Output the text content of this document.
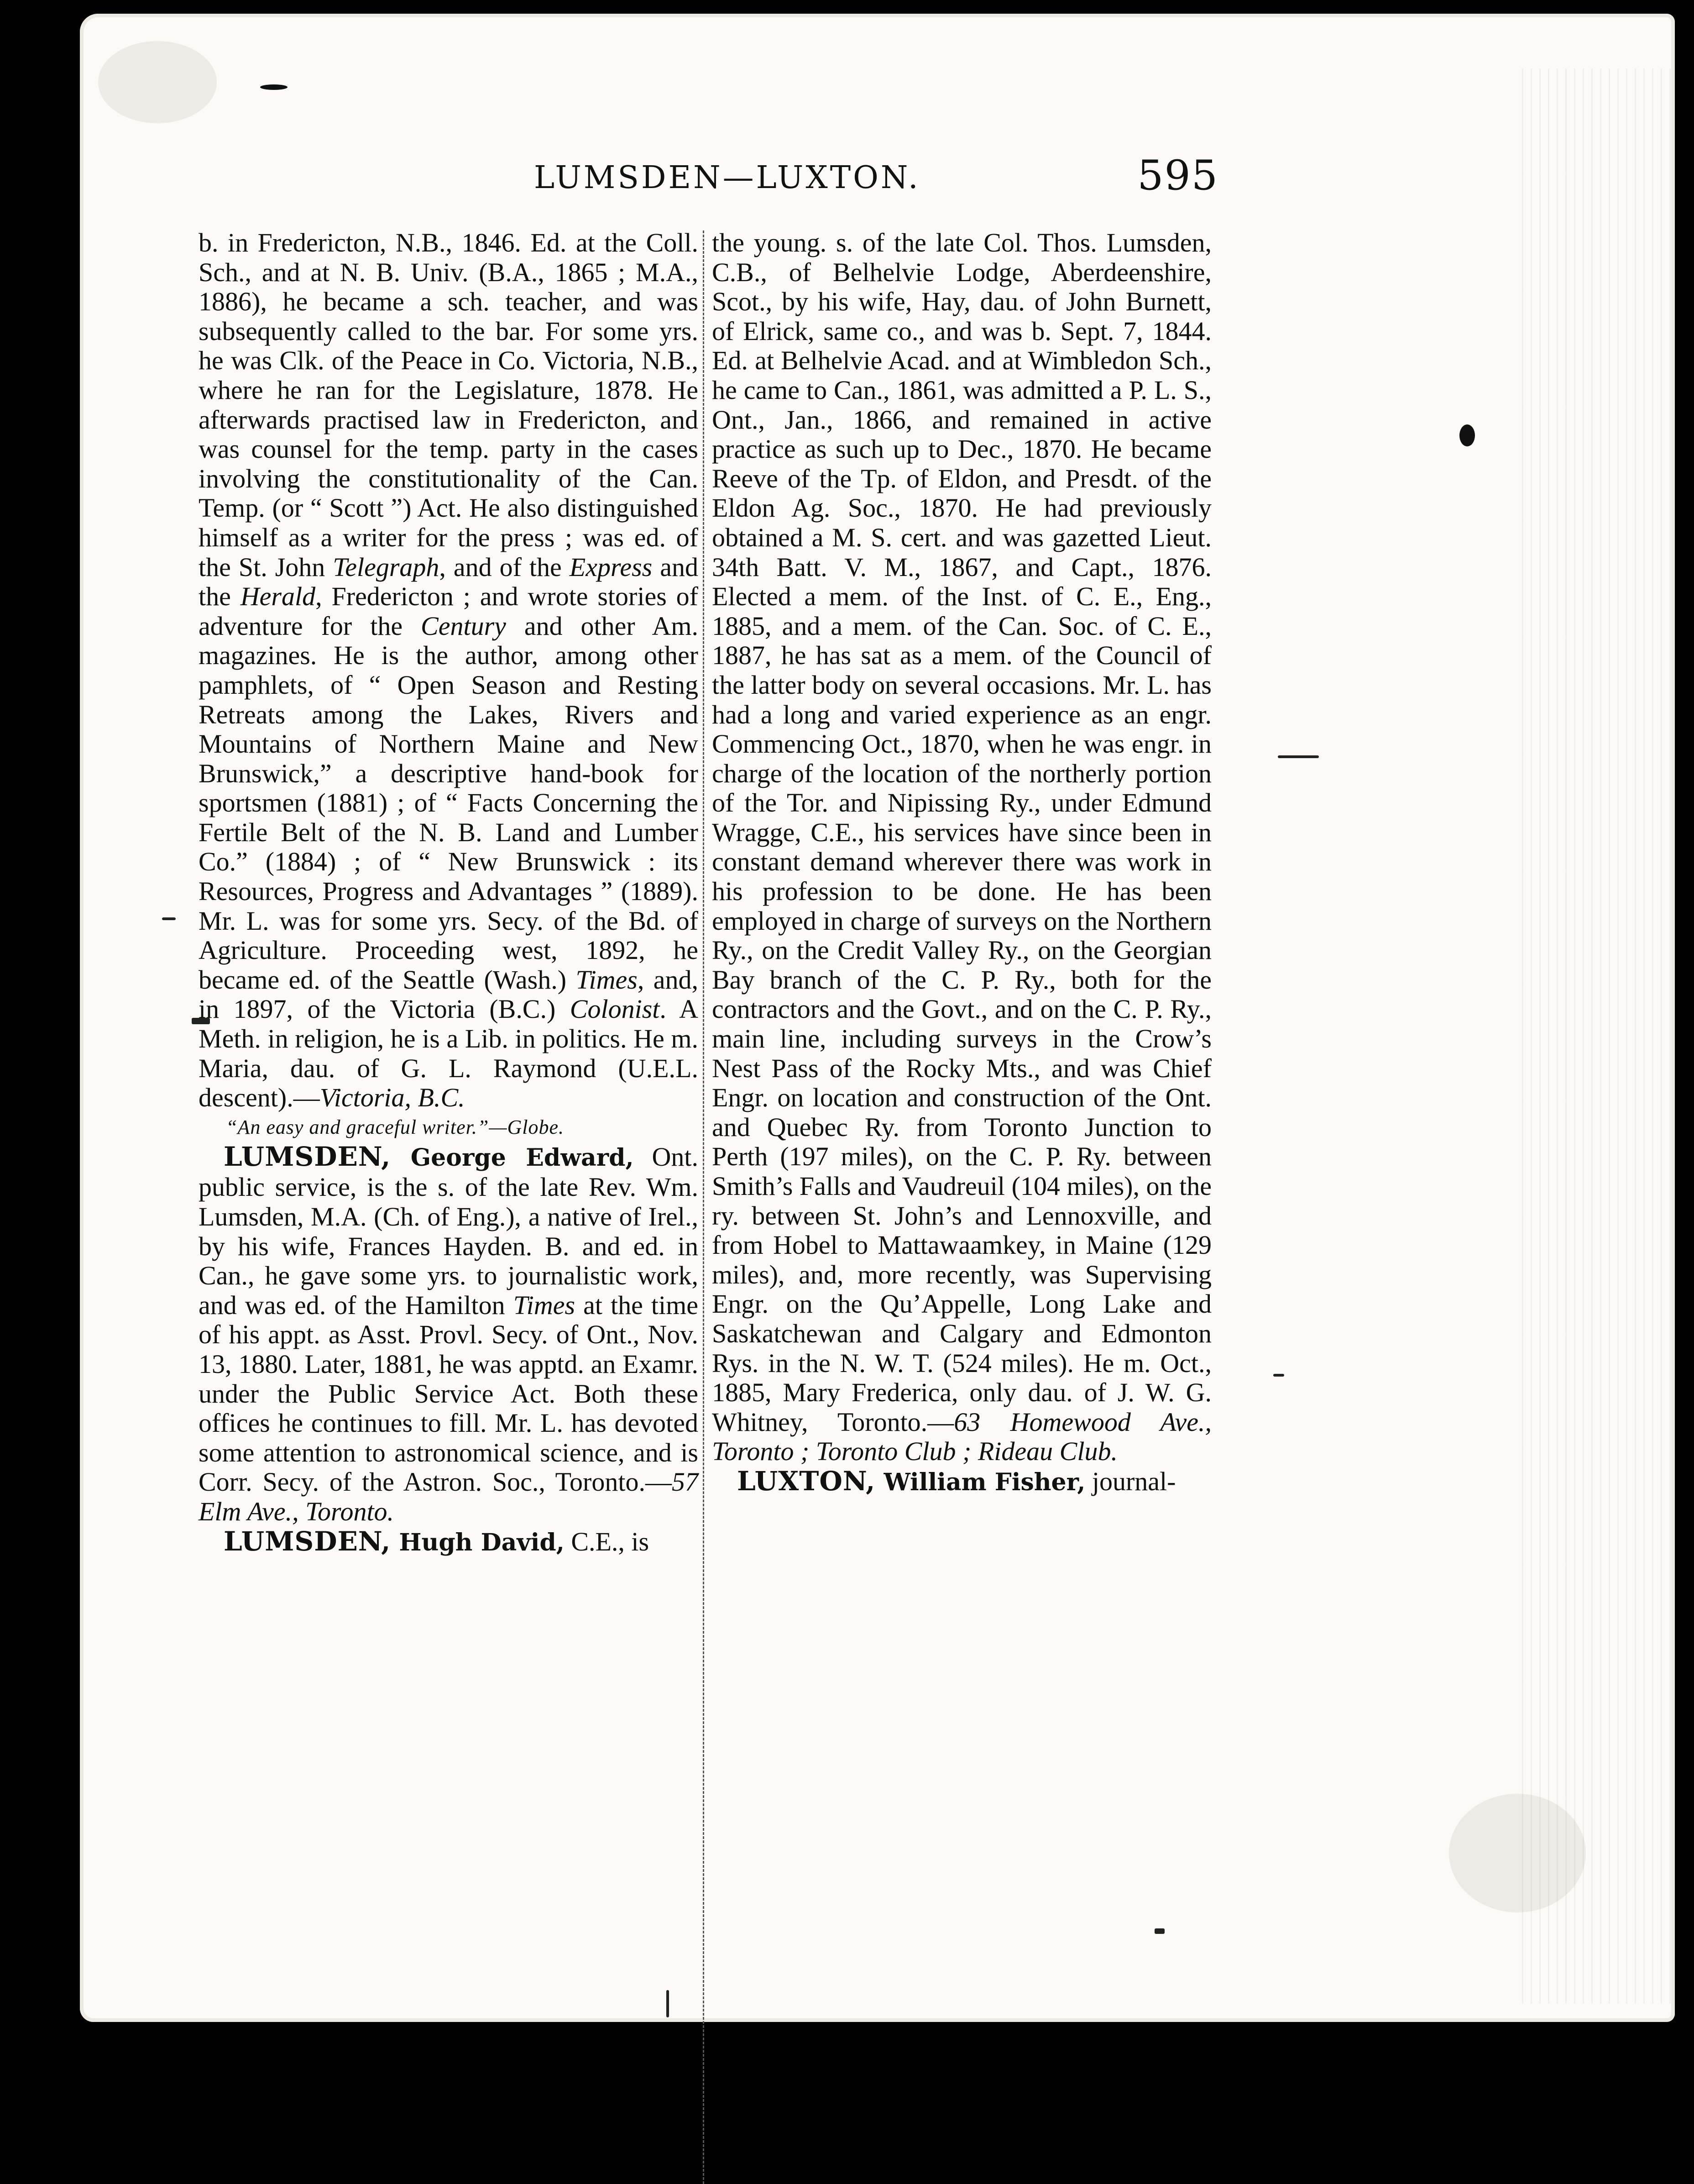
LUMSDEN—LUXTON.	595

b. in Fredericton, N.B., 1846. Ed. at the Coll. Sch., and at N. B. Univ. (B.A., 1865 ; M.A., 1886), he became a sch. teacher, and was subsequently called to the bar. For some yrs. he was Clk. of the Peace in Co. Victoria, N.B., where he ran for the Legislature, 1878. He afterwards practised law in Fredericton, and was counsel for the temp. party in the cases involving the constitutionality of the Can. Temp. (or “ Scott ”) Act. He also distinguished himself as a writer for the press ; was ed. of the St. John Telegraph, and of the Express and the Herald, Fredericton ; and wrote stories of adventure for the Century and other Am. magazines. He is the author, among other pamphlets, of “ Open Season and Resting Retreats among the Lakes, Rivers and Mountains of Northern Maine and New Brunswick,” a descriptive hand-book for sportsmen (1881) ; of “ Facts Concerning the Fertile Belt of the N. B. Land and Lumber Co.” (1884) ; of “ New Brunswick : its Resources, Progress and Advantages ” (1889). Mr. L. was for some yrs. Secy. of the Bd. of Agriculture. Proceeding west, 1892, he became ed. of the Seattle (Wash.) Times, and, in 1897, of the Victoria (B.C.) Colonist. A Meth. in religion, he is a Lib. in politics. He m. Maria, dau. of G. L. Raymond (U.E.L. descent).—Victoria, B.C.

“An easy and graceful writer.”—Globe.

LUMSDEN, George Edward, Ont. public service, is the s. of the late Rev. Wm. Lumsden, M.A. (Ch. of Eng.), a native of Irel., by his wife, Frances Hayden. B. and ed. in Can., he gave some yrs. to journalistic work, and was ed. of the Hamilton Times at the time of his appt. as Asst. Provl. Secy. of Ont., Nov. 13, 1880. Later, 1881, he was apptd. an Examr. under the Public Service Act. Both these offices he continues to fill. Mr. L. has devoted some attention to astronomical science, and is Corr. Secy. of the Astron. Soc., Toronto.—57 Elm Ave., Toronto.

LUMSDEN, Hugh David, C.E., is

the young. s. of the late Col. Thos. Lumsden, C.B., of Belhelvie Lodge, Aberdeenshire, Scot., by his wife, Hay, dau. of John Burnett, of Elrick, same co., and was b. Sept. 7, 1844. Ed. at Belhelvie Acad. and at Wimbledon Sch., he came to Can., 1861, was admitted a P. L. S., Ont., Jan., 1866, and remained in active practice as such up to Dec., 1870. He became Reeve of the Tp. of Eldon, and Presdt. of the Eldon Ag. Soc., 1870. He had previously obtained a M. S. cert. and was gazetted Lieut. 34th Batt. V. M., 1867, and Capt., 1876. Elected a mem. of the Inst. of C. E., Eng., 1885, and a mem. of the Can. Soc. of C. E., 1887, he has sat as a mem. of the Council of the latter body on several occasions. Mr. L. has had a long and varied experience as an engr. Commencing Oct., 1870, when he was engr. in charge of the location of the northerly portion of the Tor. and Nipissing Ry., under Edmund Wragge, C.E., his services have since been in constant demand wherever there was work in his profession to be done. He has been employed in charge of surveys on the Northern Ry., on the Credit Valley Ry., on the Georgian Bay branch of the C. P. Ry., both for the contractors and the Govt., and on the C. P. Ry., main line, including surveys in the Crow’s Nest Pass of the Rocky Mts., and was Chief Engr. on location and construction of the Ont. and Quebec Ry. from Toronto Junction to Perth (197 miles), on the C. P. Ry. between Smith’s Falls and Vaudreuil (104 miles), on the ry. between St. John’s and Lennoxville, and from Hobel to Mattawaamkey, in Maine (129 miles), and, more recently, was Supervising Engr. on the Qu’Appelle, Long Lake and Saskatchewan and Calgary and Edmonton Rys. in the N. W. T. (524 miles). He m. Oct., 1885, Mary Frederica, only dau. of J. W. G. Whitney, Toronto.—63 Homewood Ave., Toronto ; Toronto Club ; Rideau Club.

LUXTON, William Fisher, journal-
